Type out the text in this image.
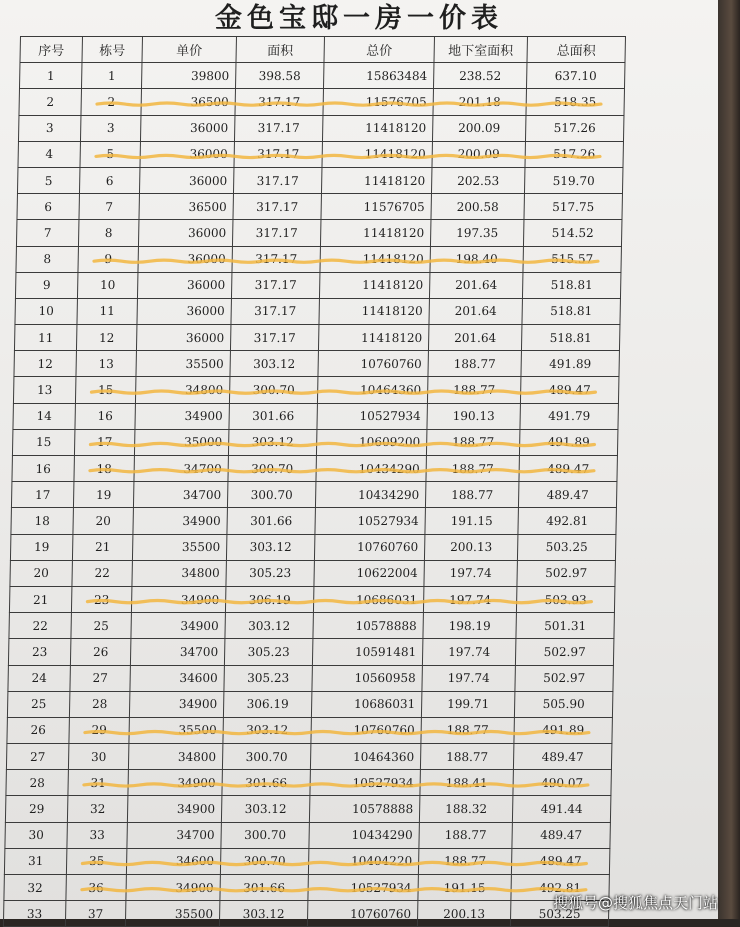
金色宝邸一房一价表
序号	栋号	单价	面积	总价	地下室面积	总面积
1	1	39800	398.58	15863484	238.52	637.10
2	2	36500	317.17	11576705	201.18	518.35
3	3	36000	317.17	11418120	200.09	517.26
4	5	36000	317.17	11418120	200.09	517.26
5	6	36000	317.17	11418120	202.53	519.70
6	7	36500	317.17	11576705	200.58	517.75
7	8	36000	317.17	11418120	197.35	514.52
8	9	36000	317.17	11418120	198.40	515.57
9	10	36000	317.17	11418120	201.64	518.81
10	11	36000	317.17	11418120	201.64	518.81
11	12	36000	317.17	11418120	201.64	518.81
12	13	35500	303.12	10760760	188.77	491.89
13	15	34800	300.70	10464360	188.77	489.47
14	16	34900	301.66	10527934	190.13	491.79
15	17	35000	303.12	10609200	188.77	491.89
16	18	34700	300.70	10434290	188.77	489.47
17	19	34700	300.70	10434290	188.77	489.47
18	20	34900	301.66	10527934	191.15	492.81
19	21	35500	303.12	10760760	200.13	503.25
20	22	34800	305.23	10622004	197.74	502.97
21	23	34900	306.19	10686031	197.74	503.93
22	25	34900	303.12	10578888	198.19	501.31
23	26	34700	305.23	10591481	197.74	502.97
24	27	34600	305.23	10560958	197.74	502.97
25	28	34900	306.19	10686031	199.71	505.90
26	29	35500	303.12	10760760	188.77	491.89
27	30	34800	300.70	10464360	188.77	489.47
28	31	34900	301.66	10527934	188.41	490.07
29	32	34900	303.12	10578888	188.32	491.44
30	33	34700	300.70	10434290	188.77	489.47
31	35	34600	300.70	10404220	188.77	489.47
32	36	34900	301.66	10527934	191.15	492.81
33	37	35500	303.12	10760760	200.13	503.25
搜狐号@搜狐焦点天门站
